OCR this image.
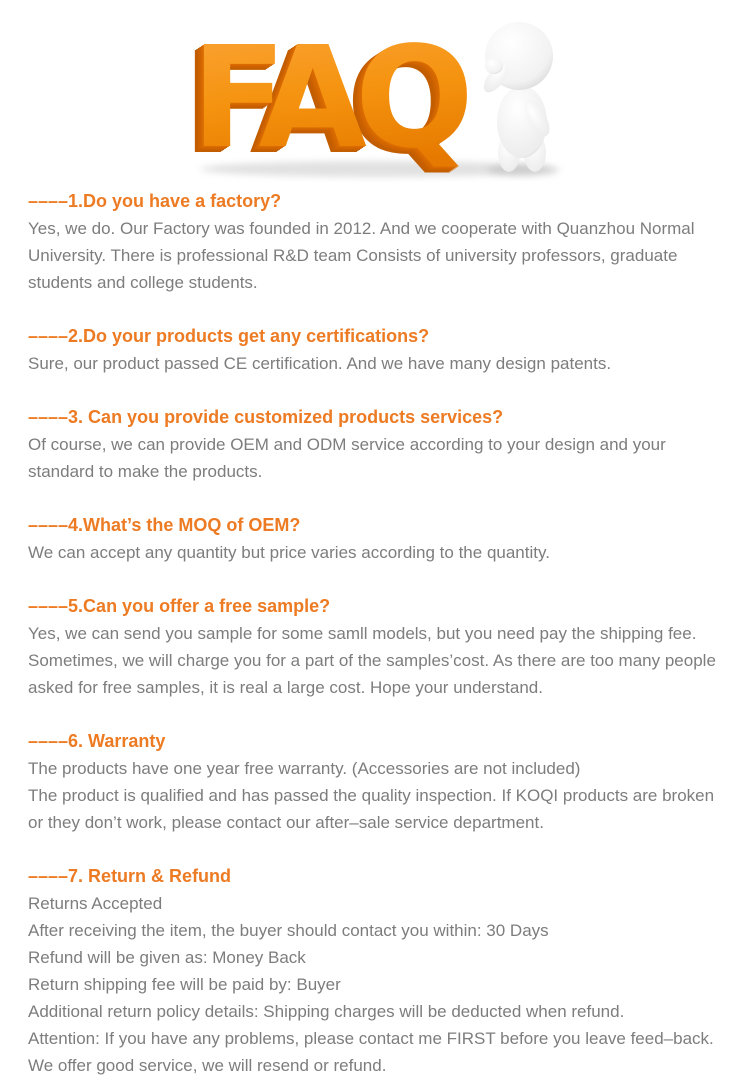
––––1.Do you have a factory?

Yes, we do. Our Factory was founded in 2012. And we cooperate with Quanzhou Normal University. There is professional R&D team Consists of university professors, graduate students and college students.

––––2.Do your products get any certifications?

Sure, our product passed CE certification. And we have many design patents.

––––3. Can you provide customized products services?

Of course, we can provide OEM and ODM service according to your design and your standard to make the products.

––––4.What’s the MOQ of OEM?

We can accept any quantity but price varies according to the quantity.

––––5.Can you offer a free sample?

Yes, we can send you sample for some samll models, but you need pay the shipping fee. Sometimes, we will charge you for a part of the samples’cost. As there are too many people asked for free samples, it is real a large cost. Hope your understand.

––––6. Warranty

The products have one year free warranty. (Accessories are not included)

The product is qualified and has passed the quality inspection. If KOQI products are broken or they don’t work, please contact our after–sale service department.

––––7. Return & Refund

Returns Accepted

After receiving the item, the buyer should contact you within: 30 Days

Refund will be given as: Money Back

Return shipping fee will be paid by: Buyer

Additional return policy details: Shipping charges will be deducted when refund.

Attention: If you have any problems, please contact me FIRST before you leave feed–back. We offer good service, we will resend or refund.
